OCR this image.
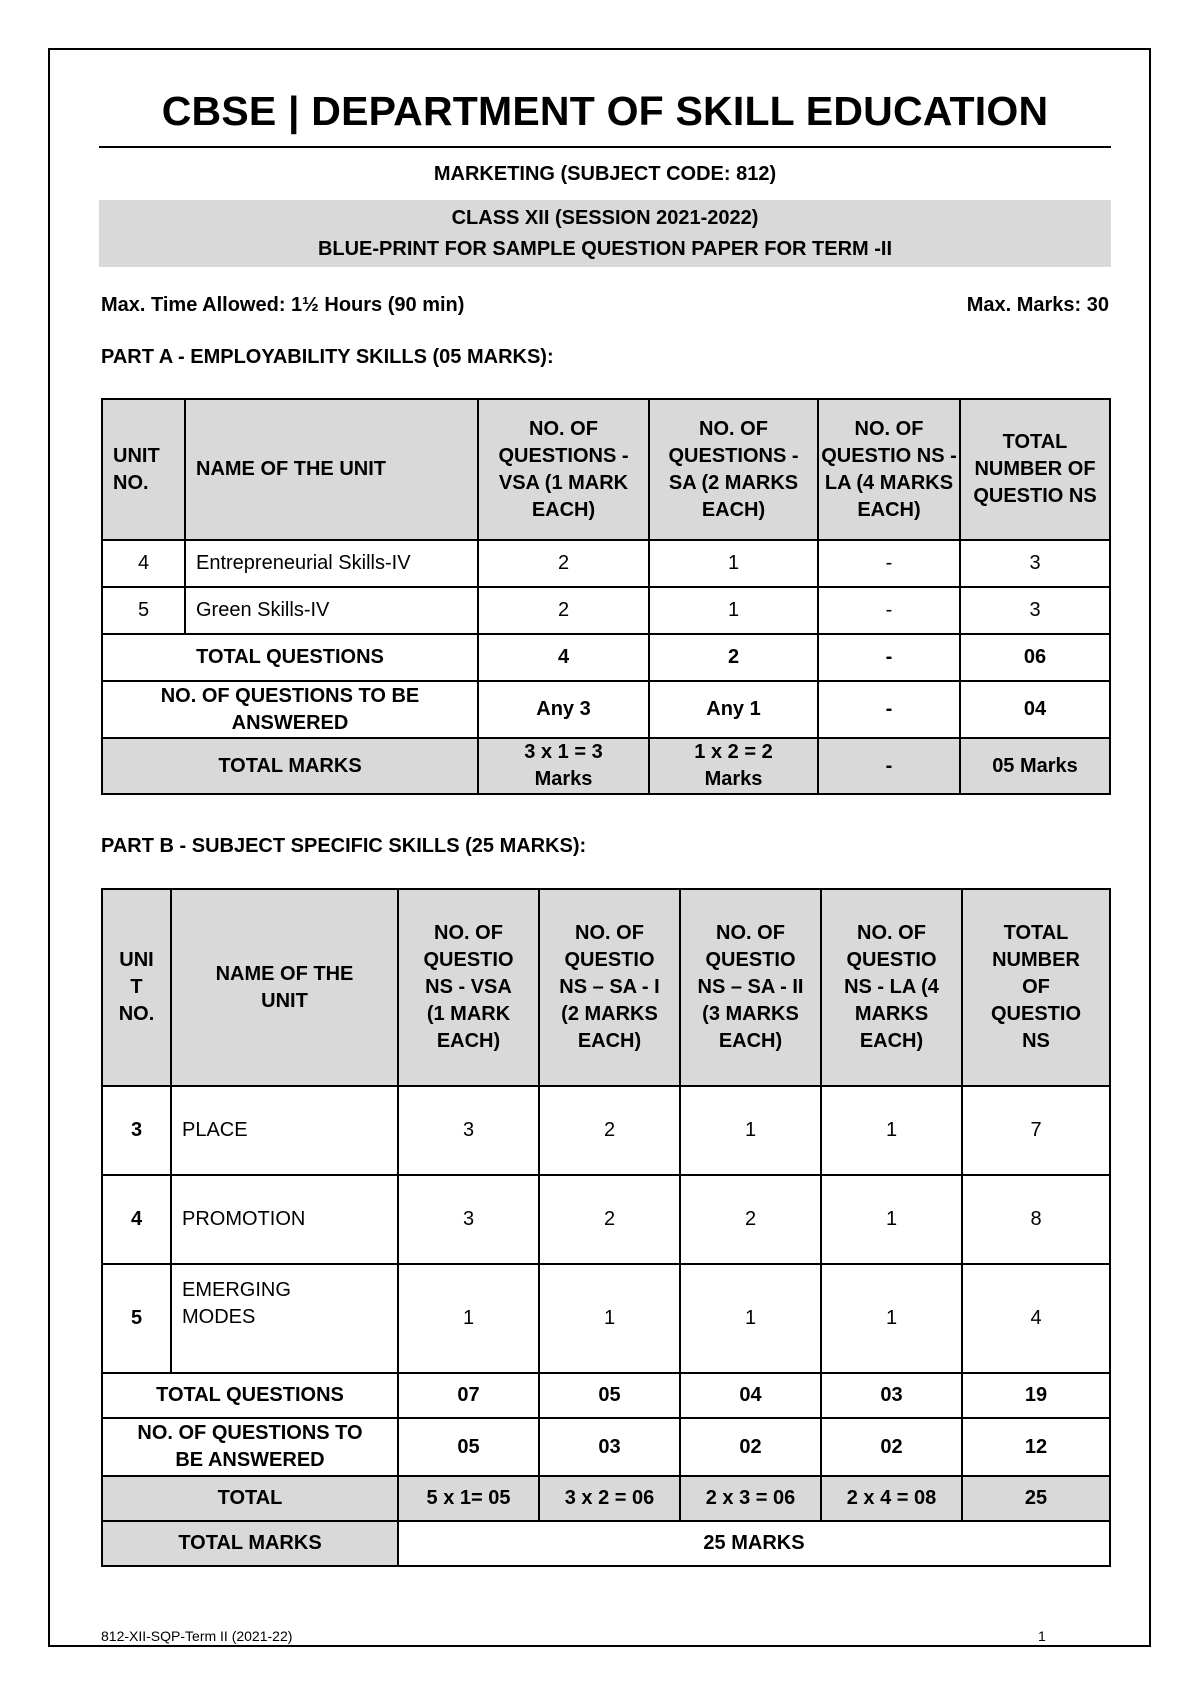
CBSE | DEPARTMENT OF SKILL EDUCATION
MARKETING (SUBJECT CODE: 812)
CLASS XII (SESSION 2021-2022)
BLUE-PRINT FOR SAMPLE QUESTION PAPER FOR TERM -II
Max. Time Allowed: 1½ Hours (90 min)	Max. Marks: 30
PART A - EMPLOYABILITY SKILLS (05 MARKS):
UNIT NO.	NAME OF THE UNIT	NO. OF QUESTIONS - VSA (1 MARK EACH)	NO. OF QUESTIONS - SA (2 MARKS EACH)	NO. OF QUESTIO NS - LA (4 MARKS EACH)	TOTAL NUMBER OF QUESTIO NS
4	Entrepreneurial Skills-IV	2	1	-	3
5	Green Skills-IV	2	1	-	3
TOTAL QUESTIONS		4	2	-	06
NO. OF QUESTIONS TO BE ANSWERED		Any 3	Any 1	-	04
TOTAL MARKS		3 x 1 = 3 Marks	1 x 2 = 2 Marks	-	05 Marks
PART B - SUBJECT SPECIFIC SKILLS (25 MARKS):
UNI T NO.	NAME OF THE UNIT	NO. OF QUESTIO NS - VSA (1 MARK EACH)	NO. OF QUESTIO NS – SA - I (2 MARKS EACH)	NO. OF QUESTIO NS – SA - II (3 MARKS EACH)	NO. OF QUESTIO NS - LA (4 MARKS EACH)	TOTAL NUMBER OF QUESTIO NS
3	PLACE	3	2	1	1	7
4	PROMOTION	3	2	2	1	8
5	EMERGING MODES	1	1	1	1	4
TOTAL QUESTIONS		07	05	04	03	19
NO. OF QUESTIONS TO BE ANSWERED		05	03	02	02	12
TOTAL		5 x 1= 05	3 x 2 = 06	2 x 3 = 06	2 x 4 = 08	25
TOTAL MARKS		25 MARKS				
812-XII-SQP-Term II (2021-22)	1
